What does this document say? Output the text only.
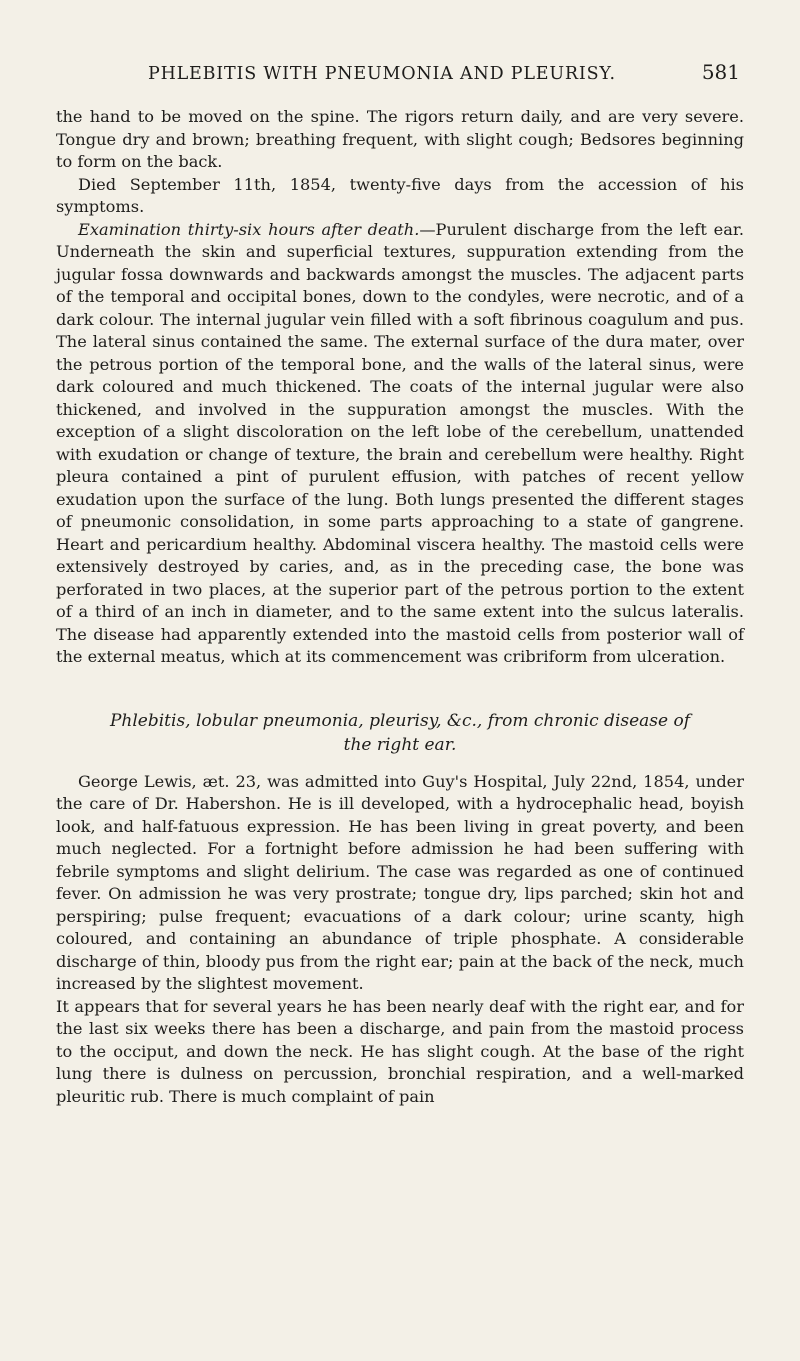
PHLEBITIS WITH PNEUMONIA AND PLEURISY.	581

the hand to be moved on the spine. The rigors return daily, and are very severe. Tongue dry and brown; breathing frequent, with slight cough; Bedsores beginning to form on the back.

Died September 11th, 1854, twenty-five days from the accession of his symptoms.

Examination thirty-six hours after death.—Purulent discharge from the left ear. Underneath the skin and superficial textures, suppuration extending from the jugular fossa downwards and backwards amongst the muscles. The adjacent parts of the temporal and occipital bones, down to the condyles, were necrotic, and of a dark colour. The internal jugular vein filled with a soft fibrinous coagulum and pus. The lateral sinus contained the same. The external surface of the dura mater, over the petrous portion of the temporal bone, and the walls of the lateral sinus, were dark coloured and much thickened. The coats of the internal jugular were also thickened, and involved in the suppuration amongst the muscles. With the exception of a slight discoloration on the left lobe of the cerebellum, unattended with exudation or change of texture, the brain and cerebellum were healthy. Right pleura contained a pint of purulent effusion, with patches of recent yellow exudation upon the surface of the lung. Both lungs presented the different stages of pneumonic consolidation, in some parts approaching to a state of gangrene. Heart and pericardium healthy. Abdominal viscera healthy. The mastoid cells were extensively destroyed by caries, and, as in the preceding case, the bone was perforated in two places, at the superior part of the petrous portion to the extent of a third of an inch in diameter, and to the same extent into the sulcus lateralis. The disease had apparently extended into the mastoid cells from posterior wall of the external meatus, which at its commencement was cribriform from ulceration.

Phlebitis, lobular pneumonia, pleurisy, &c., from chronic disease of the right ear.

George Lewis, æt. 23, was admitted into Guy's Hospital, July 22nd, 1854, under the care of Dr. Habershon. He is ill developed, with a hydrocephalic head, boyish look, and half-fatuous expression. He has been living in great poverty, and been much neglected. For a fortnight before admission he had been suffering with febrile symptoms and slight delirium. The case was regarded as one of continued fever. On admission he was very prostrate; tongue dry, lips parched; skin hot and perspiring; pulse frequent; evacuations of a dark colour; urine scanty, high coloured, and containing an abundance of triple phosphate. A considerable discharge of thin, bloody pus from the right ear; pain at the back of the neck, much increased by the slightest movement.

It appears that for several years he has been nearly deaf with the right ear, and for the last six weeks there has been a discharge, and pain from the mastoid process to the occiput, and down the neck. He has slight cough. At the base of the right lung there is dulness on percussion, bronchial respiration, and a well-marked pleuritic rub. There is much complaint of pain
